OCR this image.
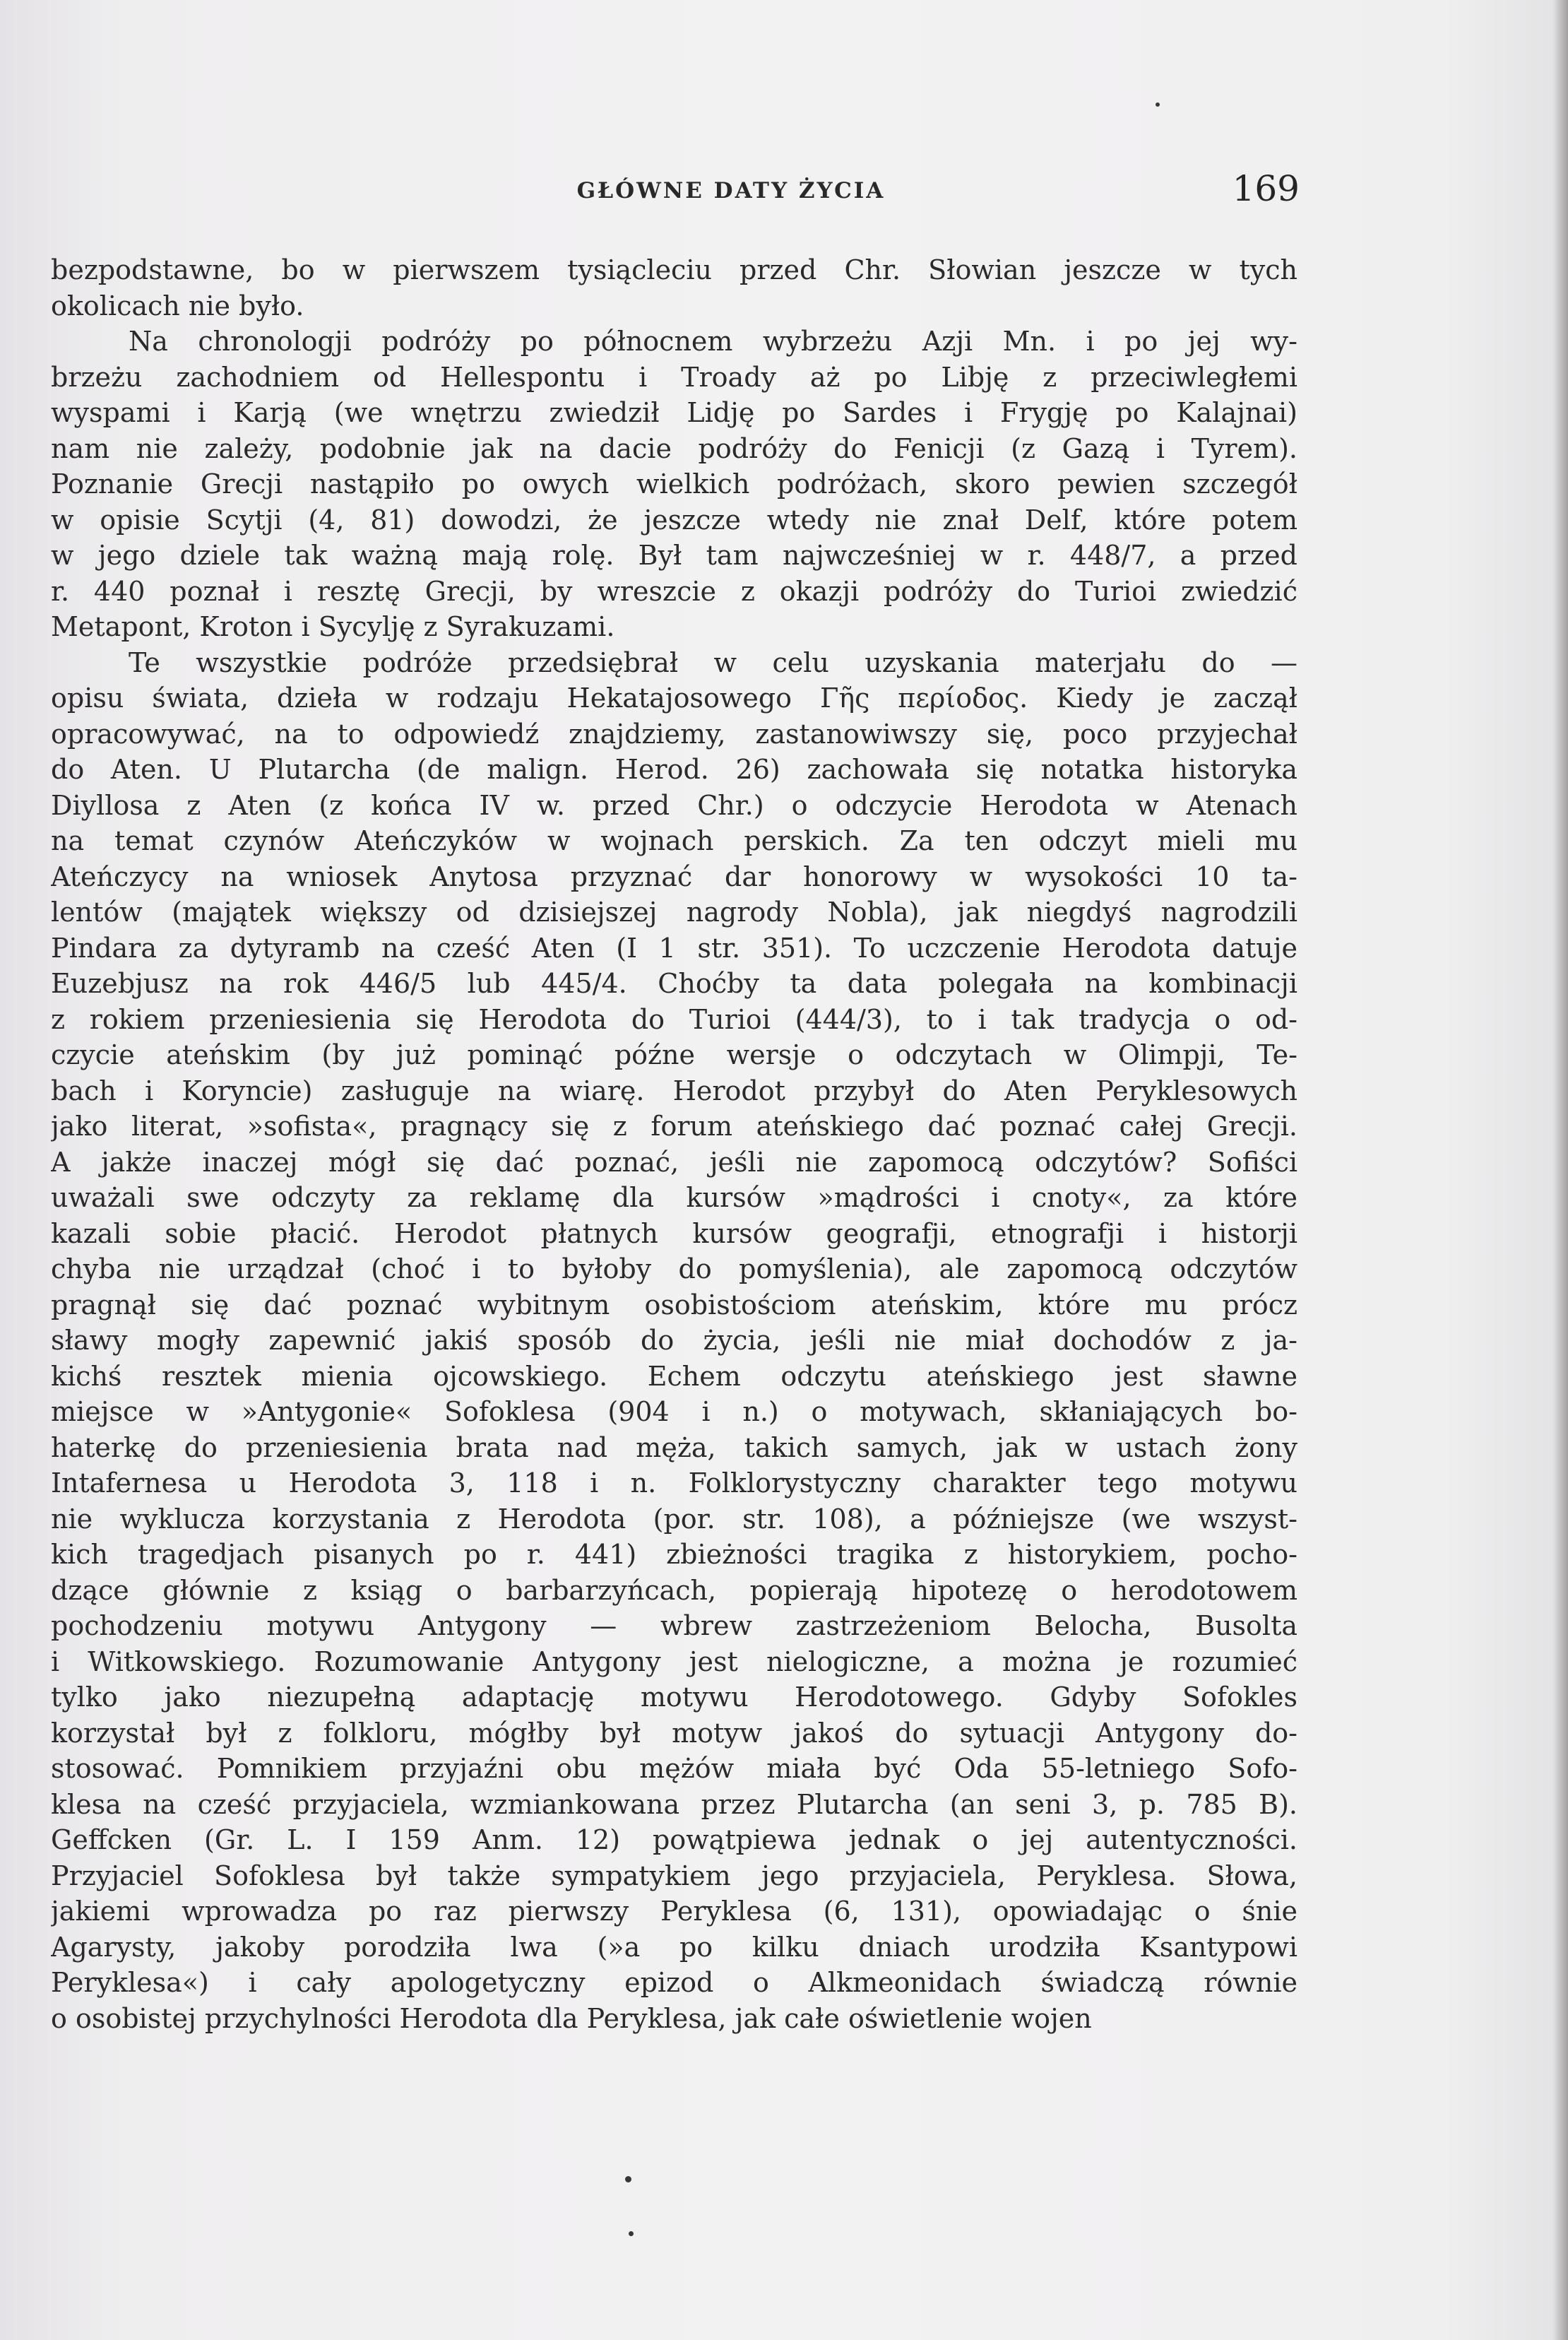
GŁÓWNE DATY ŻYCIA	169
bezpodstawne, bo w pierwszem tysiącleciu przed Chr. Słowian jeszcze w tych
okolicach nie było.
Na chronologji podróży po północnem wybrzeżu Azji Mn. i po jej wy-
brzeżu zachodniem od Hellespontu i Troady aż po Libję z przeciwległemi
wyspami i Karją (we wnętrzu zwiedził Lidję po Sardes i Frygję po Kalajnai)
nam nie zależy, podobnie jak na dacie podróży do Fenicji (z Gazą i Tyrem).
Poznanie Grecji nastąpiło po owych wielkich podróżach, skoro pewien szczegół
w opisie Scytji (4, 81) dowodzi, że jeszcze wtedy nie znał Delf, które potem
w jego dziele tak ważną mają rolę. Był tam najwcześniej w r. 448/7, a przed
r. 440 poznał i resztę Grecji, by wreszcie z okazji podróży do Turioi zwiedzić
Metapont, Kroton i Sycylję z Syrakuzami.
Te wszystkie podróże przedsiębrał w celu uzyskania materjału do —
opisu świata, dzieła w rodzaju Hekatajosowego Γῆς περίοδος. Kiedy je zaczął
opracowywać, na to odpowiedź znajdziemy, zastanowiwszy się, poco przyjechał
do Aten. U Plutarcha (de malign. Herod. 26) zachowała się notatka historyka
Diyllosa z Aten (z końca IV w. przed Chr.) o odczycie Herodota w Atenach
na temat czynów Ateńczyków w wojnach perskich. Za ten odczyt mieli mu
Ateńczycy na wniosek Anytosa przyznać dar honorowy w wysokości 10 ta-
lentów (majątek większy od dzisiejszej nagrody Nobla), jak niegdyś nagrodzili
Pindara za dytyramb na cześć Aten (I 1 str. 351). To uczczenie Herodota datuje
Euzebjusz na rok 446/5 lub 445/4. Choćby ta data polegała na kombinacji
z rokiem przeniesienia się Herodota do Turioi (444/3), to i tak tradycja o od-
czycie ateńskim (by już pominąć późne wersje o odczytach w Olimpji, Te-
bach i Koryncie) zasługuje na wiarę. Herodot przybył do Aten Peryklesowych
jako literat, »sofista«, pragnący się z forum ateńskiego dać poznać całej Grecji.
A jakże inaczej mógł się dać poznać, jeśli nie zapomocą odczytów? Sofiści
uważali swe odczyty za reklamę dla kursów »mądrości i cnoty«, za które
kazali sobie płacić. Herodot płatnych kursów geografji, etnografji i historji
chyba nie urządzał (choć i to byłoby do pomyślenia), ale zapomocą odczytów
pragnął się dać poznać wybitnym osobistościom ateńskim, które mu prócz
sławy mogły zapewnić jakiś sposób do życia, jeśli nie miał dochodów z ja-
kichś resztek mienia ojcowskiego. Echem odczytu ateńskiego jest sławne
miejsce w »Antygonie« Sofoklesa (904 i n.) o motywach, skłaniających bo-
haterkę do przeniesienia brata nad męża, takich samych, jak w ustach żony
Intafernesa u Herodota 3, 118 i n. Folklorystyczny charakter tego motywu
nie wyklucza korzystania z Herodota (por. str. 108), a późniejsze (we wszyst-
kich tragedjach pisanych po r. 441) zbieżności tragika z historykiem, pocho-
dzące głównie z ksiąg o barbarzyńcach, popierają hipotezę o herodotowem
pochodzeniu motywu Antygony — wbrew zastrzeżeniom Belocha, Busolta
i Witkowskiego. Rozumowanie Antygony jest nielogiczne, a można je rozumieć
tylko jako niezupełną adaptację motywu Herodotowego. Gdyby Sofokles
korzystał był z folkloru, mógłby był motyw jakoś do sytuacji Antygony do-
stosować. Pomnikiem przyjaźni obu mężów miała być Oda 55-letniego Sofo-
klesa na cześć przyjaciela, wzmiankowana przez Plutarcha (an seni 3, p. 785 B).
Geffcken (Gr. L. I 159 Anm. 12) powątpiewa jednak o jej autentyczności.
Przyjaciel Sofoklesa był także sympatykiem jego przyjaciela, Peryklesa. Słowa,
jakiemi wprowadza po raz pierwszy Peryklesa (6, 131), opowiadając o śnie
Agarysty, jakoby porodziła lwa (»a po kilku dniach urodziła Ksantypowi
Peryklesa«) i cały apologetyczny epizod o Alkmeonidach świadczą równie
o osobistej przychylności Herodota dla Peryklesa, jak całe oświetlenie wojen
